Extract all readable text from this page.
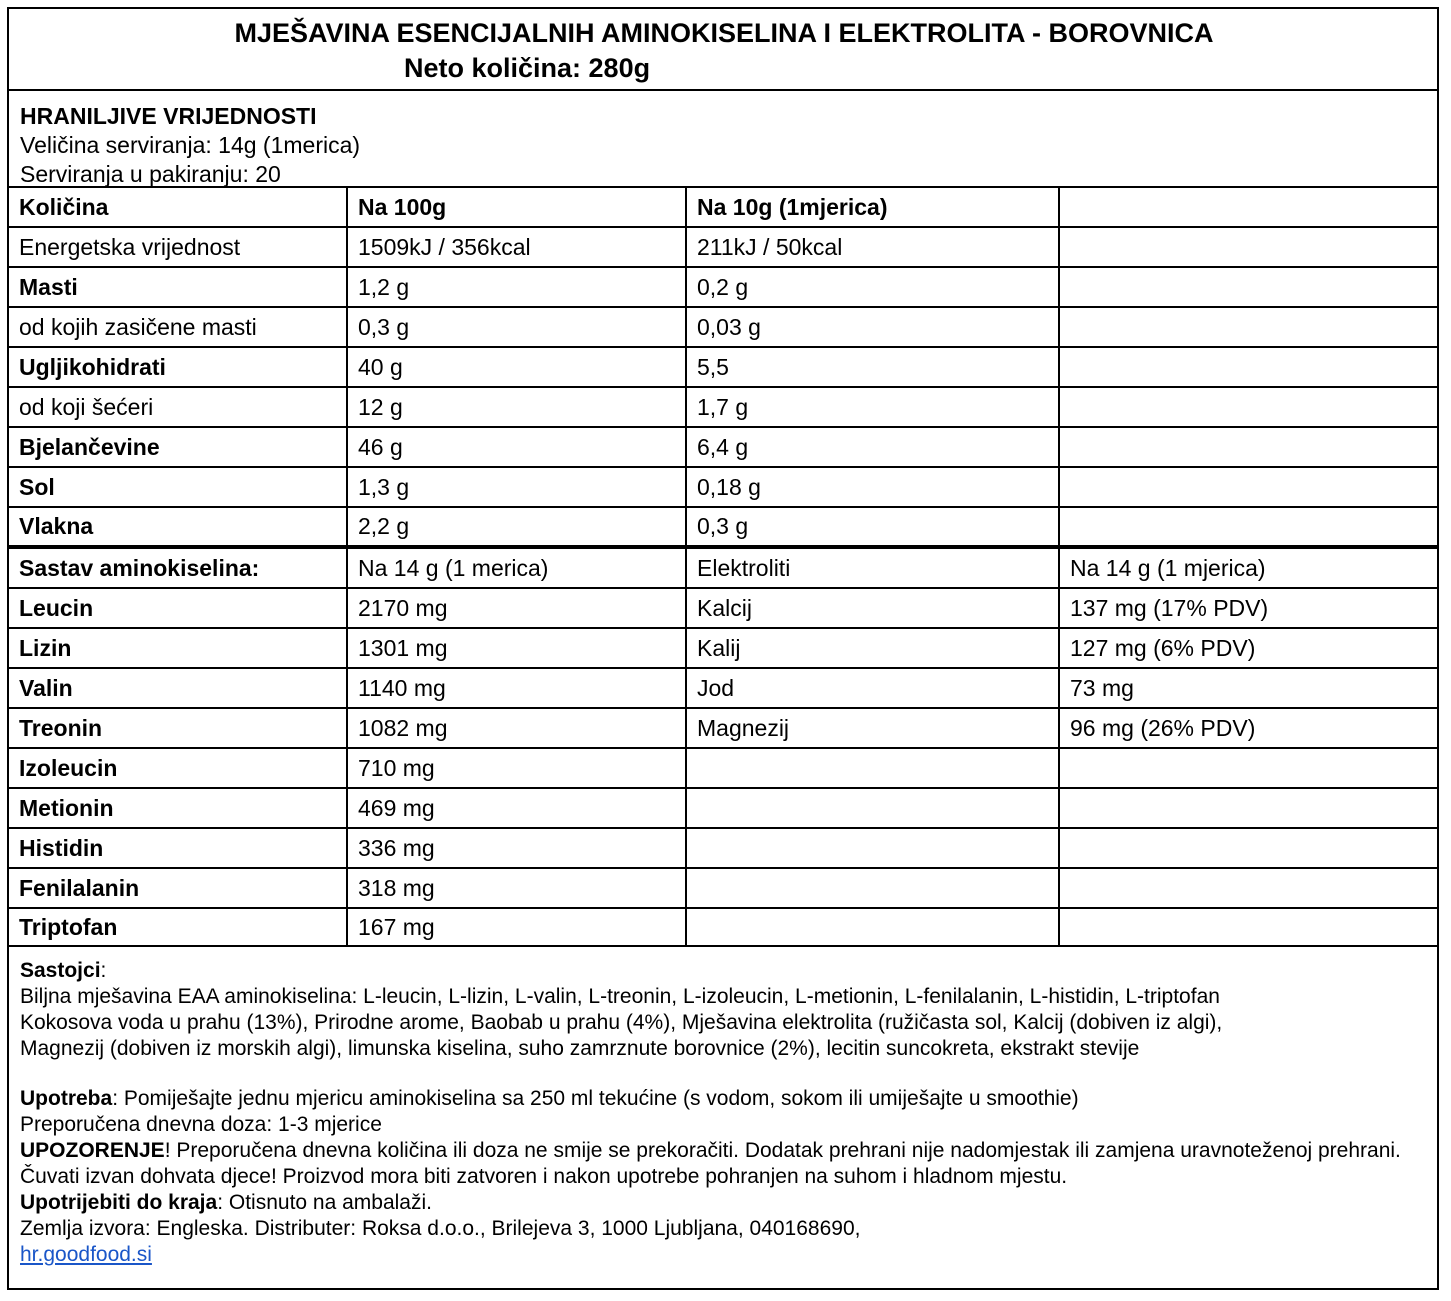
MJEŠAVINA ESENCIJALNIH AMINOKISELINA I ELEKTROLITA - BOROVNICA
Neto količina: 280g
HRANILJIVE VRIJEDNOSTI
Veličina serviranja: 14g (1merica)
Serviranja u pakiranju: 20
Količina	Na 100g	Na 10g (1mjerica)	
Energetska vrijednost	1509kJ / 356kcal	211kJ / 50kcal	
Masti	1,2 g	0,2 g	
od kojih zasičene masti	0,3 g	0,03 g	
Ugljikohidrati	40 g	5,5	
od koji šećeri	12 g	1,7 g	
Bjelančevine	46 g	6,4 g	
Sol	1,3 g	0,18 g	
Vlakna	2,2 g	0,3 g	
Sastav aminokiselina:	Na 14 g (1 merica)	Elektroliti	Na 14 g (1 mjerica)
Leucin	2170 mg	Kalcij	137 mg (17% PDV)
Lizin	1301 mg	Kalij	127 mg (6% PDV)
Valin	1140 mg	Jod	73 mg
Treonin	1082 mg	Magnezij	96 mg (26% PDV)
Izoleucin	710 mg		
Metionin	469 mg		
Histidin	336 mg		
Fenilalanin	318 mg		
Triptofan	167 mg		

Sastojci:

Biljna mješavina EAA aminokiselina: L-leucin, L-lizin, L-valin, L-treonin, L-izoleucin, L-metionin, L-fenilalanin, L-histidin, L-triptofan

Kokosova voda u prahu (13%), Prirodne arome, Baobab u prahu (4%), Mješavina elektrolita (ružičasta sol, Kalcij (dobiven iz algi),

Magnezij (dobiven iz morskih algi), limunska kiselina, suho zamrznute borovnice (2%), lecitin suncokreta, ekstrakt stevije

Upotreba: Pomiješajte jednu mjericu aminokiselina sa 250 ml tekućine (s vodom, sokom ili umiješajte u smoothie)

Preporučena dnevna doza: 1-3 mjerice

UPOZORENJE! Preporučena dnevna količina ili doza ne smije se prekoračiti. Dodatak prehrani nije nadomjestak ili zamjena uravnoteženoj prehrani. Čuvati izvan dohvata djece! Proizvod mora biti zatvoren i nakon upotrebe pohranjen na suhom i hladnom mjestu.

Upotrijebiti do kraja: Otisnuto na ambalaži.

Zemlja izvora: Engleska. Distributer: Roksa d.o.o., Brilejeva 3, 1000 Ljubljana, 040168690,

hr.goodfood.si
